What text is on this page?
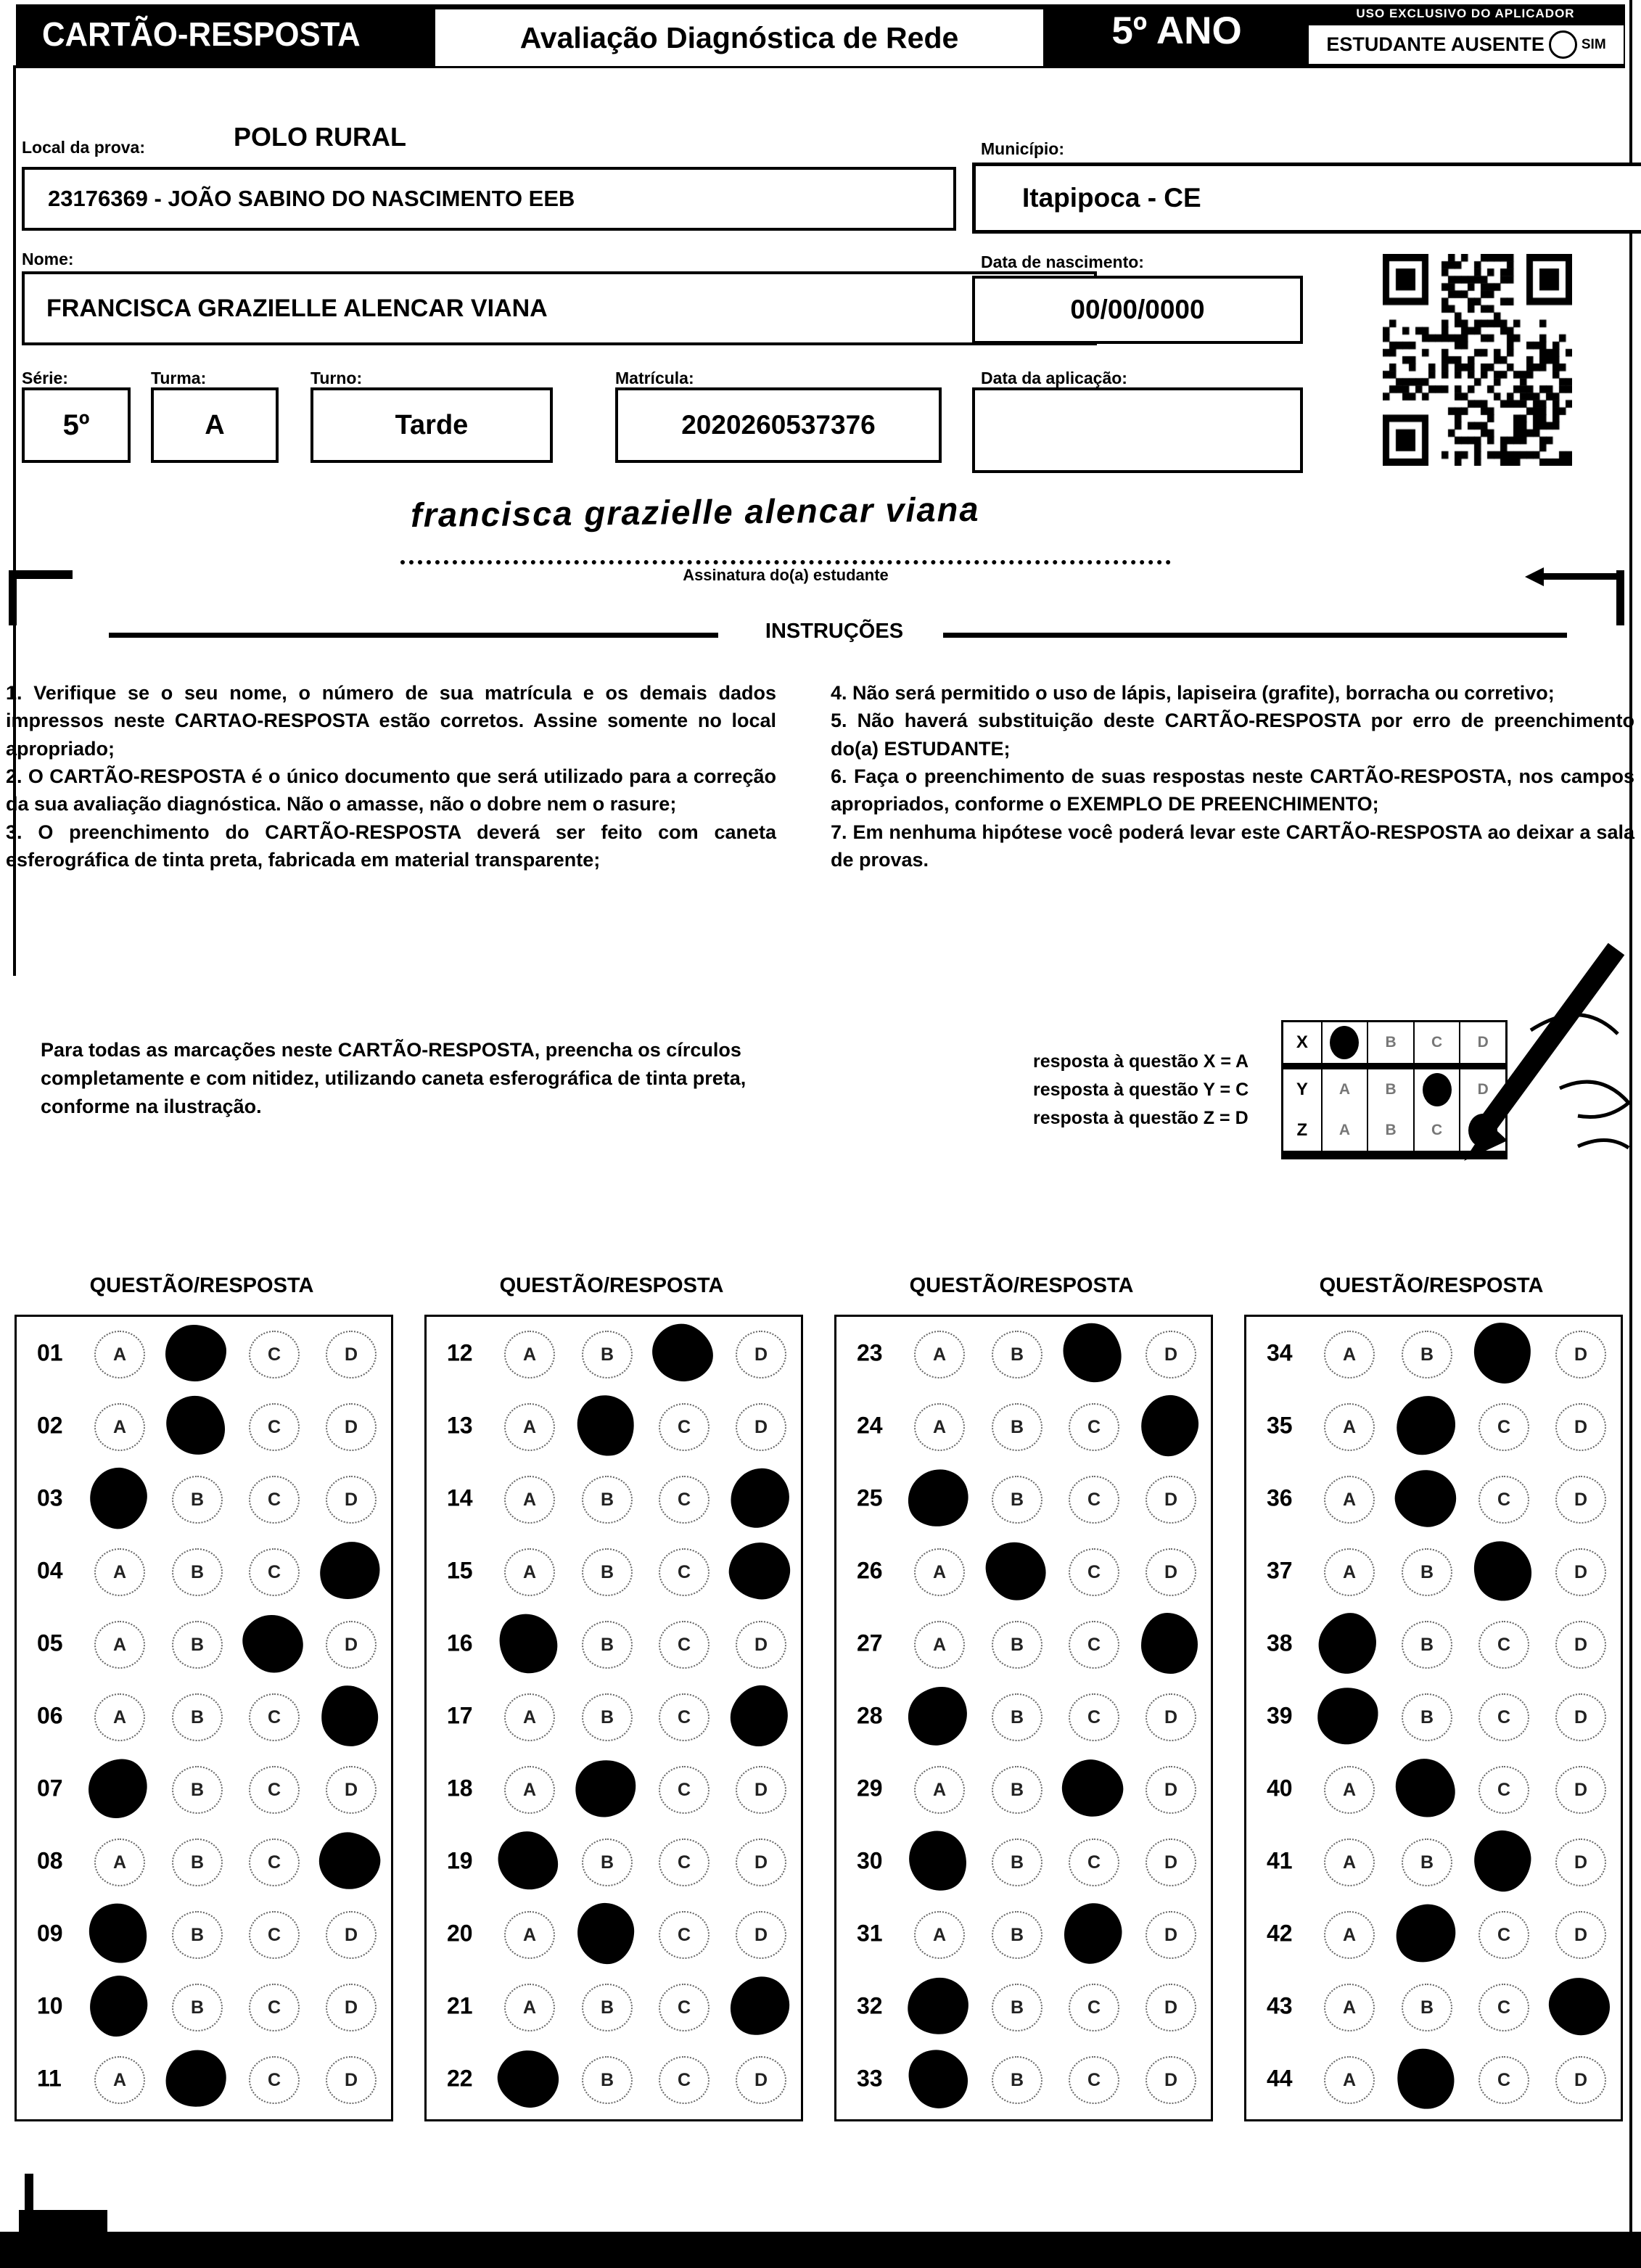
CARTÃO-RESPOSTA	Avaliação Diagnóstica de Rede	5º ANO	USO EXCLUSIVO DO APLICADOR
ESTUDANTE AUSENTE	SIM
Local da prova:	POLO RURAL
23176369 - JOÃO SABINO DO NASCIMENTO EEB
Município:
Itapipoca - CE
Nome:
FRANCISCA GRAZIELLE ALENCAR VIANA
Data de nascimento:
00/00/0000
Série:
5º
Turma:
A
Turno:
Tarde
Matrícula:
2020260537376
Data da aplicação:
francisca grazielle alencar viana
Assinatura do(a) estudante
INSTRUÇÕES

1. Verifique se o seu nome, o número de sua matrícula e os demais dados impressos neste CARTAO-RESPOSTA estão corretos. Assine somente no local apropriado;

2. O CARTÃO-RESPOSTA é o único documento que será utilizado para a correção da sua avaliação diagnóstica. Não o amasse, não o dobre nem o rasure;

3. O preenchimento do CARTÃO-RESPOSTA deverá ser feito com caneta esferográfica de tinta preta, fabricada em material transparente;

4. Não será permitido o uso de lápis, lapiseira (grafite), borracha ou corretivo;

5. Não haverá substituição deste CARTÃO-RESPOSTA por erro de preenchimento do(a) ESTUDANTE;

6. Faça o preenchimento de suas respostas neste CARTÃO-RESPOSTA, nos campos apropriados, conforme o EXEMPLO DE PREENCHIMENTO;

7. Em nenhuma hipótese você poderá levar este CARTÃO-RESPOSTA ao deixar a sala de provas.

Para todas as marcações neste CARTÃO-RESPOSTA, preencha os círculos completamente e com nitidez, utilizando caneta esferográfica de tinta preta, conforme na ilustração.
resposta à questão X = A
resposta à questão Y = C
resposta à questão Z = D
X	B C D
Y	A B	D
Z	A B C
QUESTÃO/RESPOSTA
01	A	C	D
02	A	C	D
03	B	C	D
04	A	B	C
05	A	B	D
06	A	B	C
07	B	C	D
08	A	B	C
09	B	C	D
10	B	C	D
11	A	C	D
QUESTÃO/RESPOSTA
12	A	B	D
13	A	C	D
14	A	B	C
15	A	B	C
16	B	C	D
17	A	B	C
18	A	C	D
19	B	C	D
20	A	C	D
21	A	B	C
22	B	C	D
QUESTÃO/RESPOSTA
23	A	B	D
24	A	B	C
25	B	C	D
26	A	C	D
27	A	B	C
28	B	C	D
29	A	B	D
30	B	C	D
31	A	B	D
32	B	C	D
33	B	C	D
QUESTÃO/RESPOSTA
34	A	B	D
35	A	C	D
36	A	C	D
37	A	B	D
38	B	C	D
39	B	C	D
40	A	C	D
41	A	B	D
42	A	C	D
43	A	B	C
44	A	C	D
